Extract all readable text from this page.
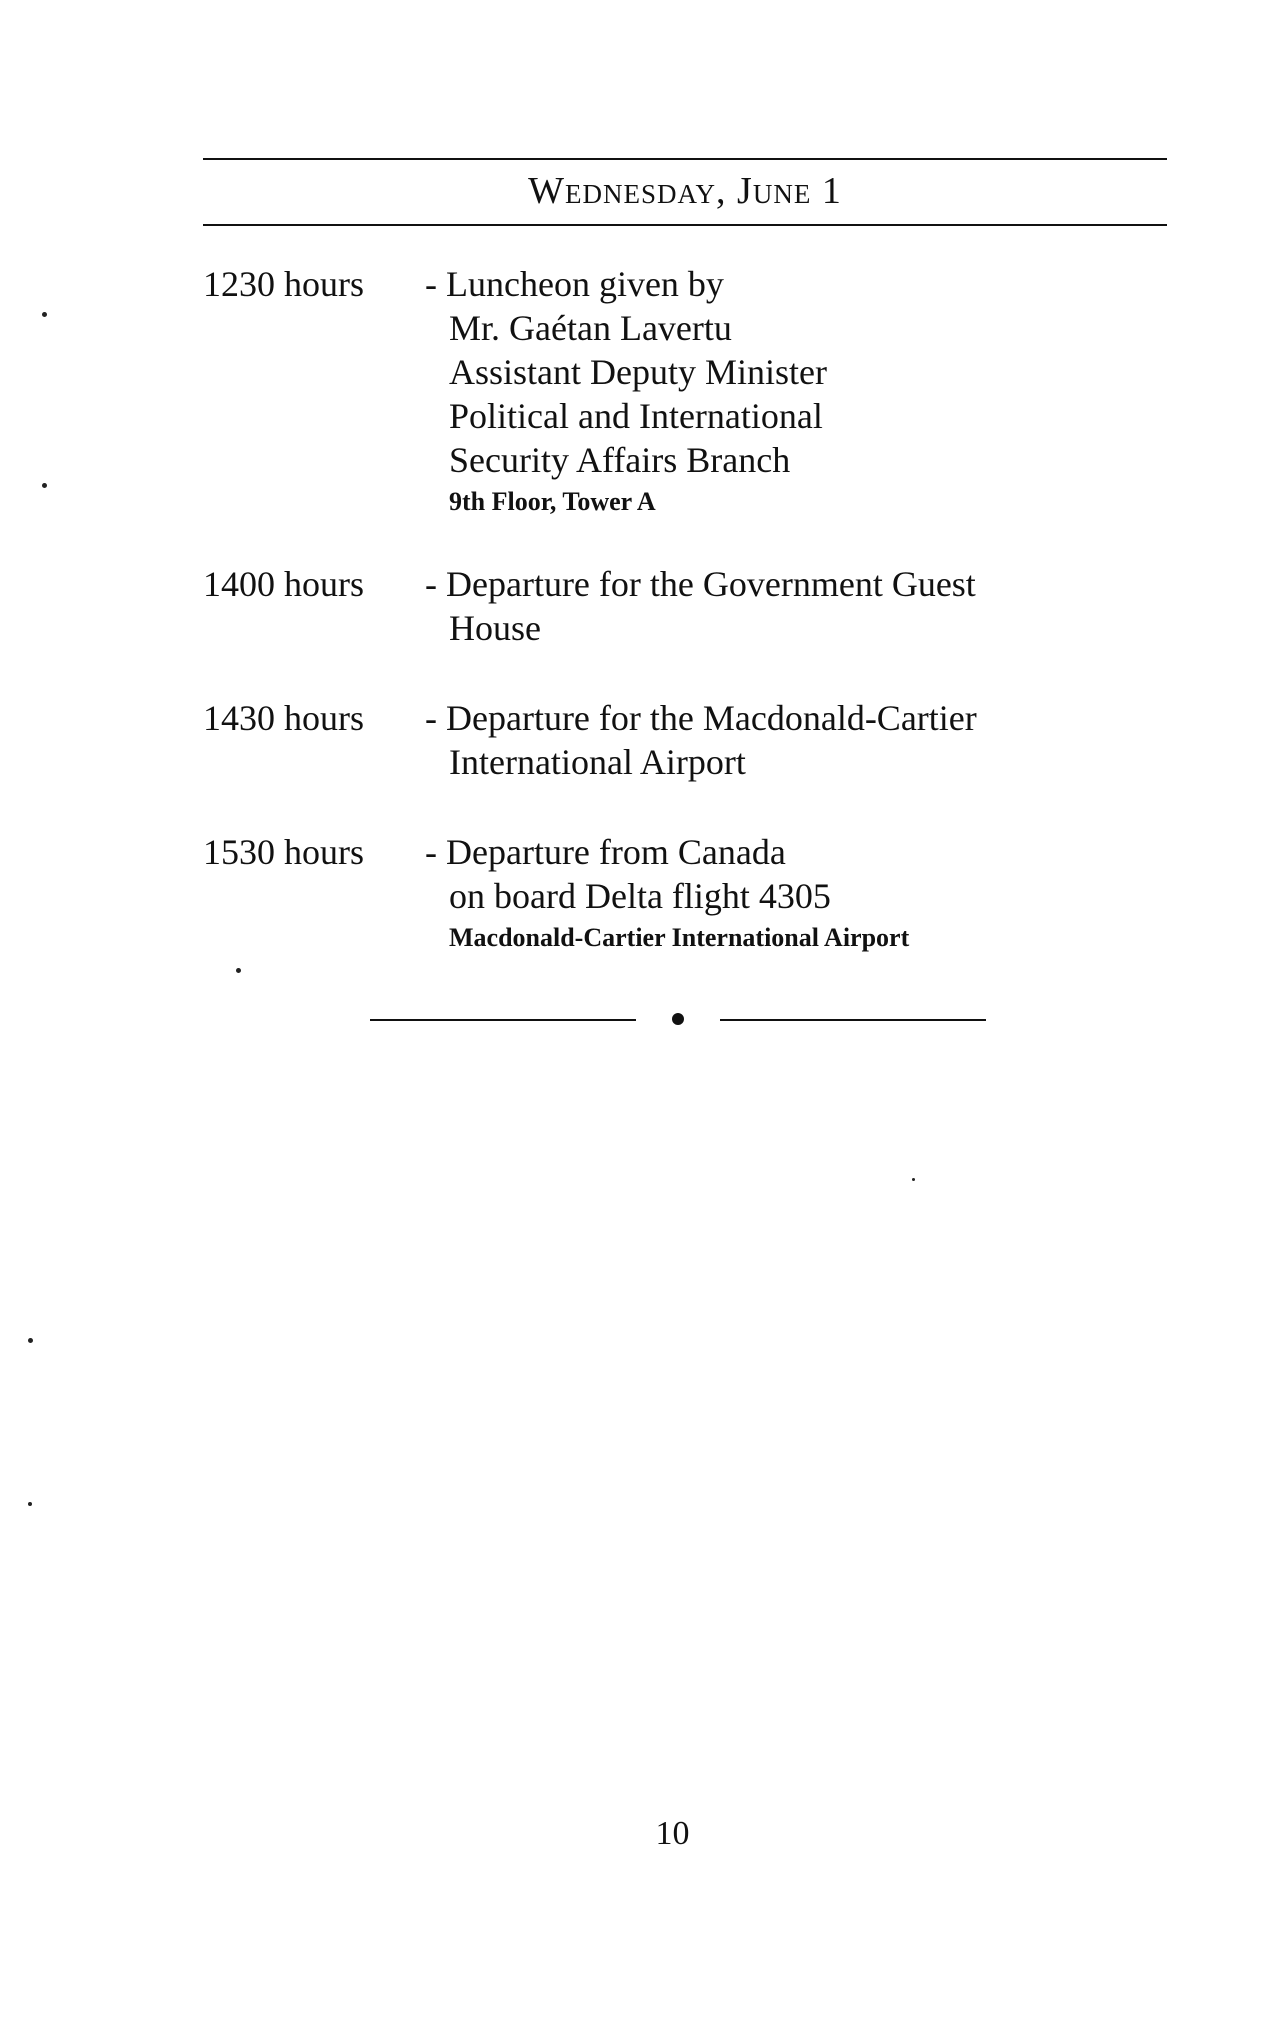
Wednesday, June 1
1230 hours - Luncheon given by
Mr. Gaétan Lavertu
Assistant Deputy Minister
Political and International
Security Affairs Branch
9th Floor, Tower A
1400 hours - Departure for the Government Guest
House
1430 hours - Departure for the Macdonald-Cartier
International Airport
1530 hours - Departure from Canada
on board Delta flight 4305
Macdonald-Cartier International Airport
10
